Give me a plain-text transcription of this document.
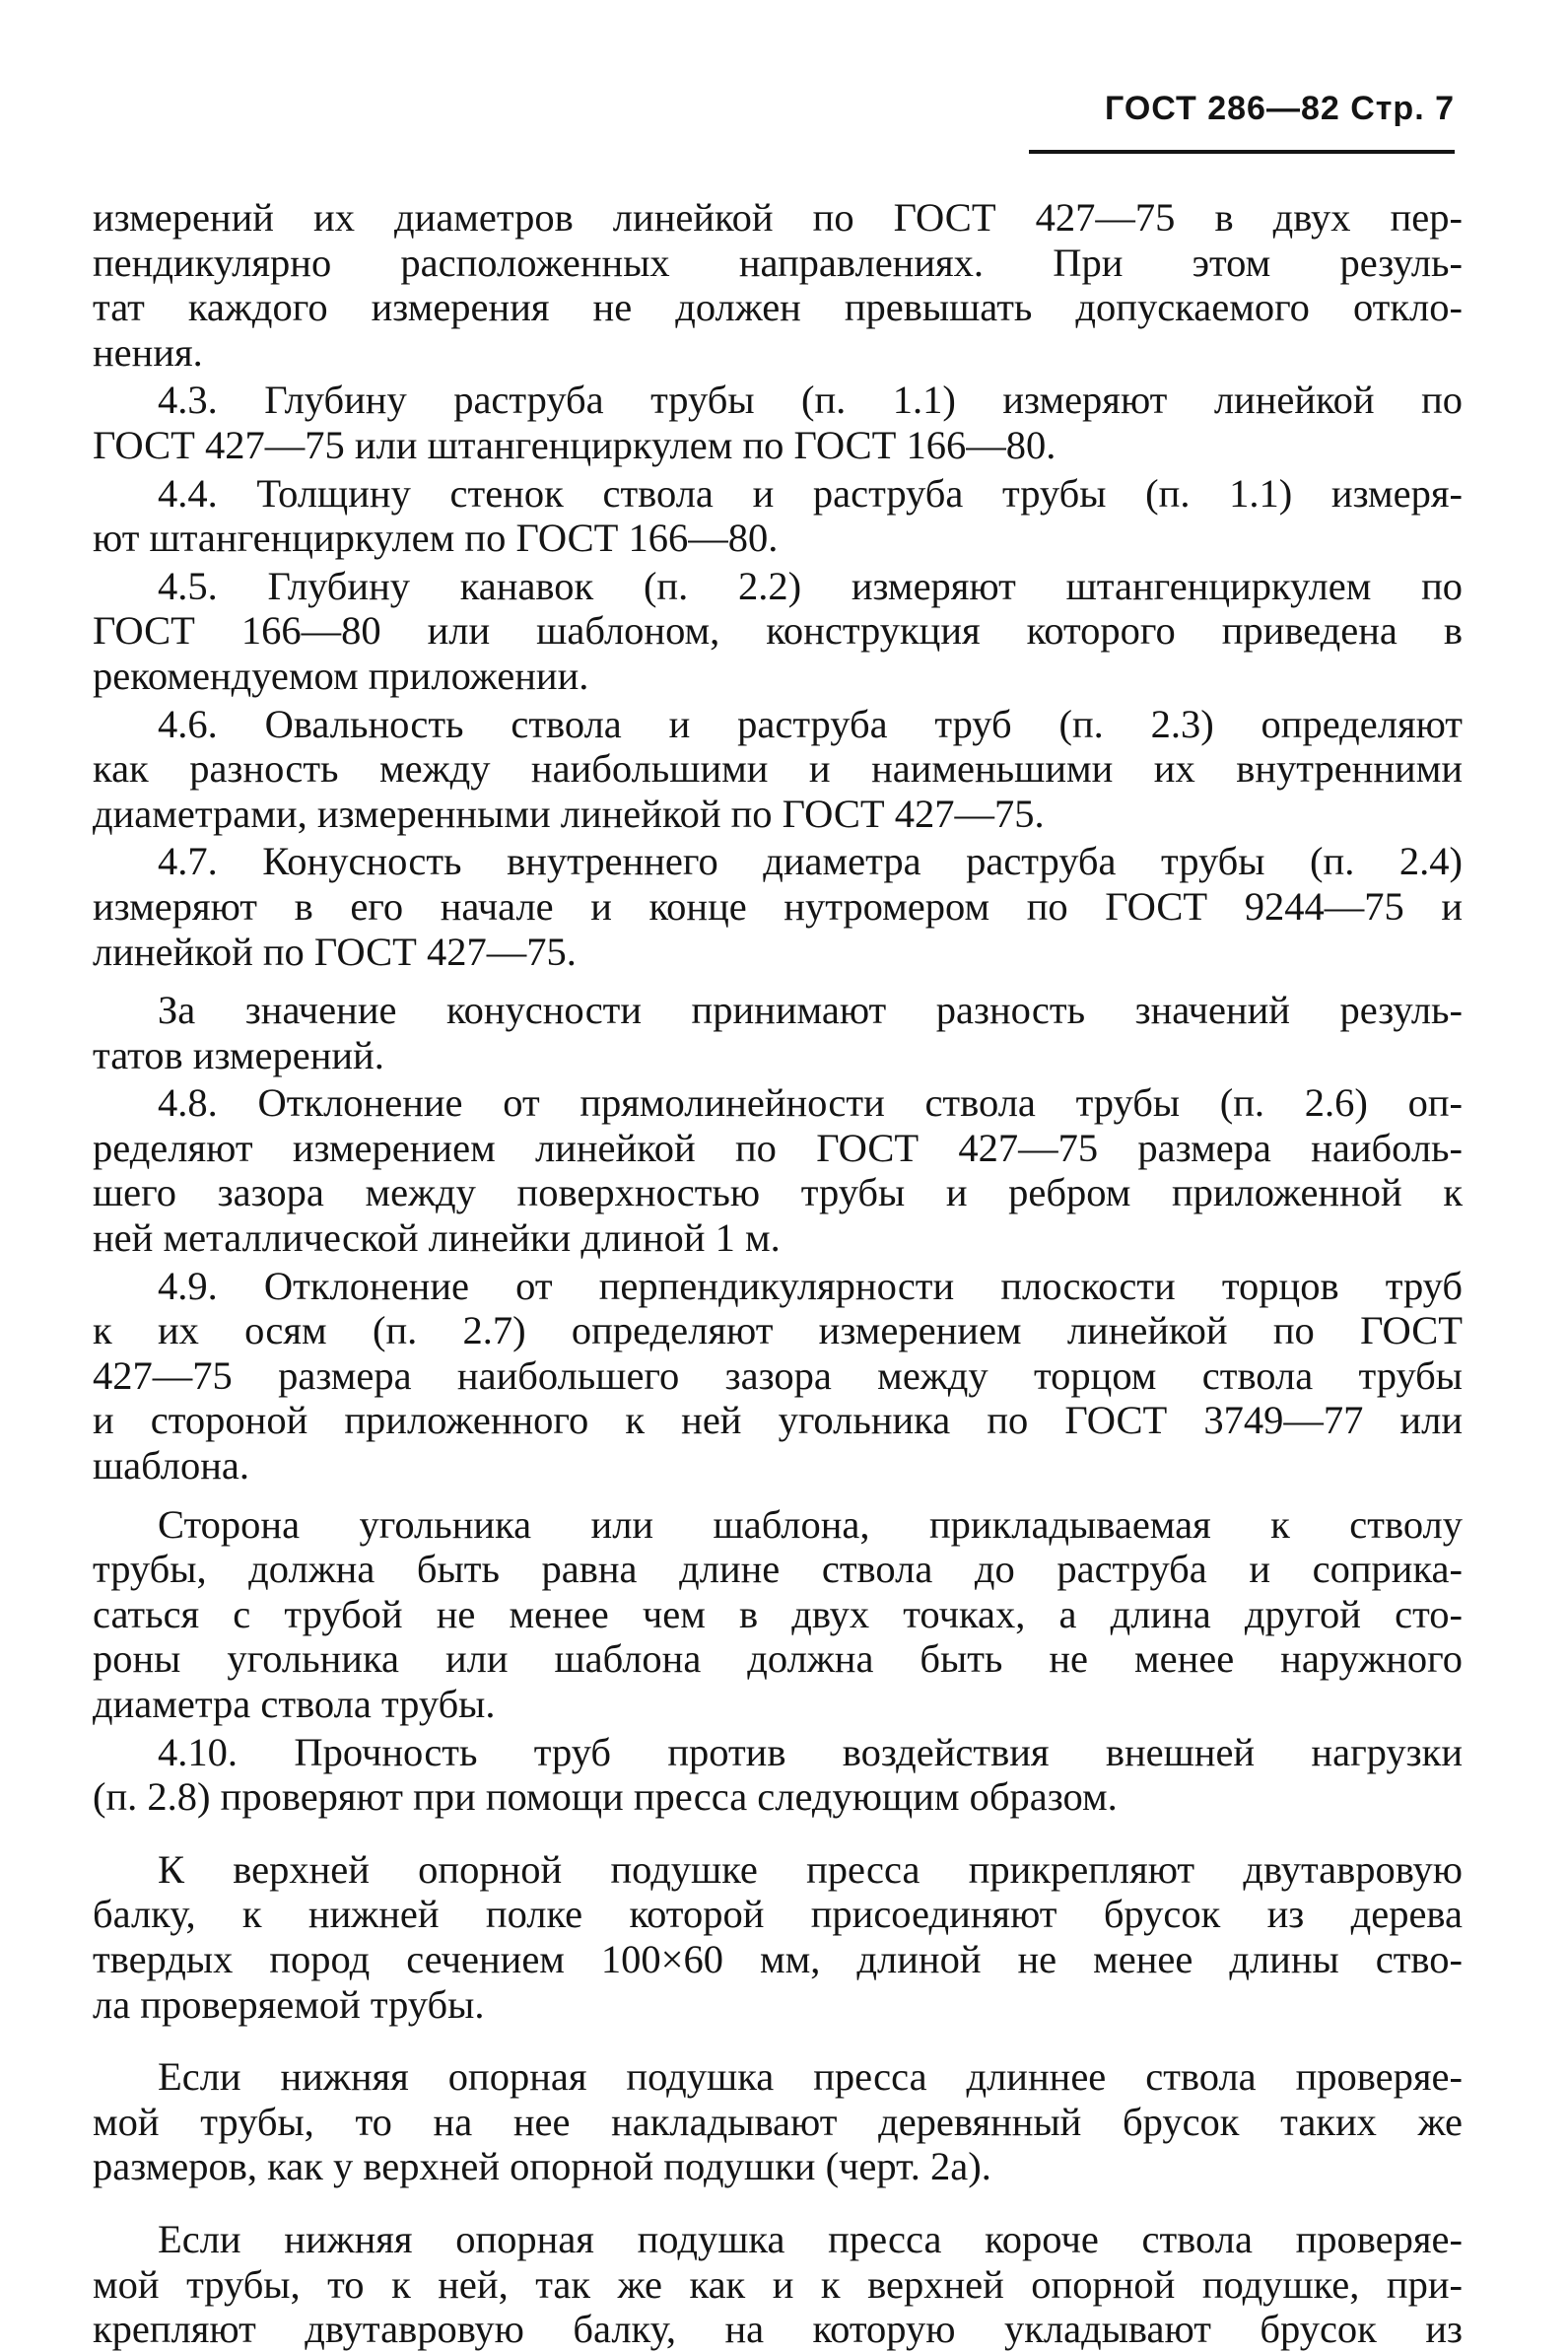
ГОСТ 286—82 Стр. 7
измерений их диаметров линейкой по ГОСТ 427—75 в двух пер-
пендикулярно расположенных направлениях. При этом резуль-
тат каждого измерения не должен превышать допускаемого откло-
нения.
4.3. Глубину раструба трубы (п. 1.1) измеряют линейкой по
ГОСТ 427—75 или штангенциркулем по ГОСТ 166—80.
4.4. Толщину стенок ствола и раструба трубы (п. 1.1) измеря-
ют штангенциркулем по ГОСТ 166—80.
4.5. Глубину канавок (п. 2.2) измеряют штангенциркулем по
ГОСТ 166—80 или шаблоном, конструкция которого приведена в
рекомендуемом приложении.
4.6. Овальность ствола и раструба труб (п. 2.3) определяют
как разность между наибольшими и наименьшими их внутренними
диаметрами, измеренными линейкой по ГОСТ 427—75.
4.7. Конусность внутреннего диаметра раструба трубы (п. 2.4)
измеряют в его начале и конце нутромером по ГОСТ 9244—75 и
линейкой по ГОСТ 427—75.
За значение конусности принимают разность значений резуль-
татов измерений.
4.8. Отклонение от прямолинейности ствола трубы (п. 2.6) оп-
ределяют измерением линейкой по ГОСТ 427—75 размера наиболь-
шего зазора между поверхностью трубы и ребром приложенной к
ней металлической линейки длиной 1 м.
4.9. Отклонение от перпендикулярности плоскости торцов труб
к их осям (п. 2.7) определяют измерением линейкой по ГОСТ
427—75 размера наибольшего зазора между торцом ствола трубы
и стороной приложенного к ней угольника по ГОСТ 3749—77 или
шаблона.
Сторона угольника или шаблона, прикладываемая к стволу
трубы, должна быть равна длине ствола до раструба и соприка-
саться с трубой не менее чем в двух точках, а длина другой сто-
роны угольника или шаблона должна быть не менее наружного
диаметра ствола трубы.
4.10. Прочность труб против воздействия внешней нагрузки
(п. 2.8) проверяют при помощи пресса следующим образом.
К верхней опорной подушке пресса прикрепляют двутавровую
балку, к нижней полке которой присоединяют брусок из дерева
твердых пород сечением 100×60 мм, длиной не менее длины ство-
ла проверяемой трубы.
Если нижняя опорная подушка пресса длиннее ствола проверяе-
мой трубы, то на нее накладывают деревянный брусок таких же
размеров, как у верхней опорной подушки (черт. 2а).
Если нижняя опорная подушка пресса короче ствола проверяе-
мой трубы, то к ней, так же как и к верхней опорной подушке, при-
крепляют двутавровую балку, на которую укладывают брусок из
